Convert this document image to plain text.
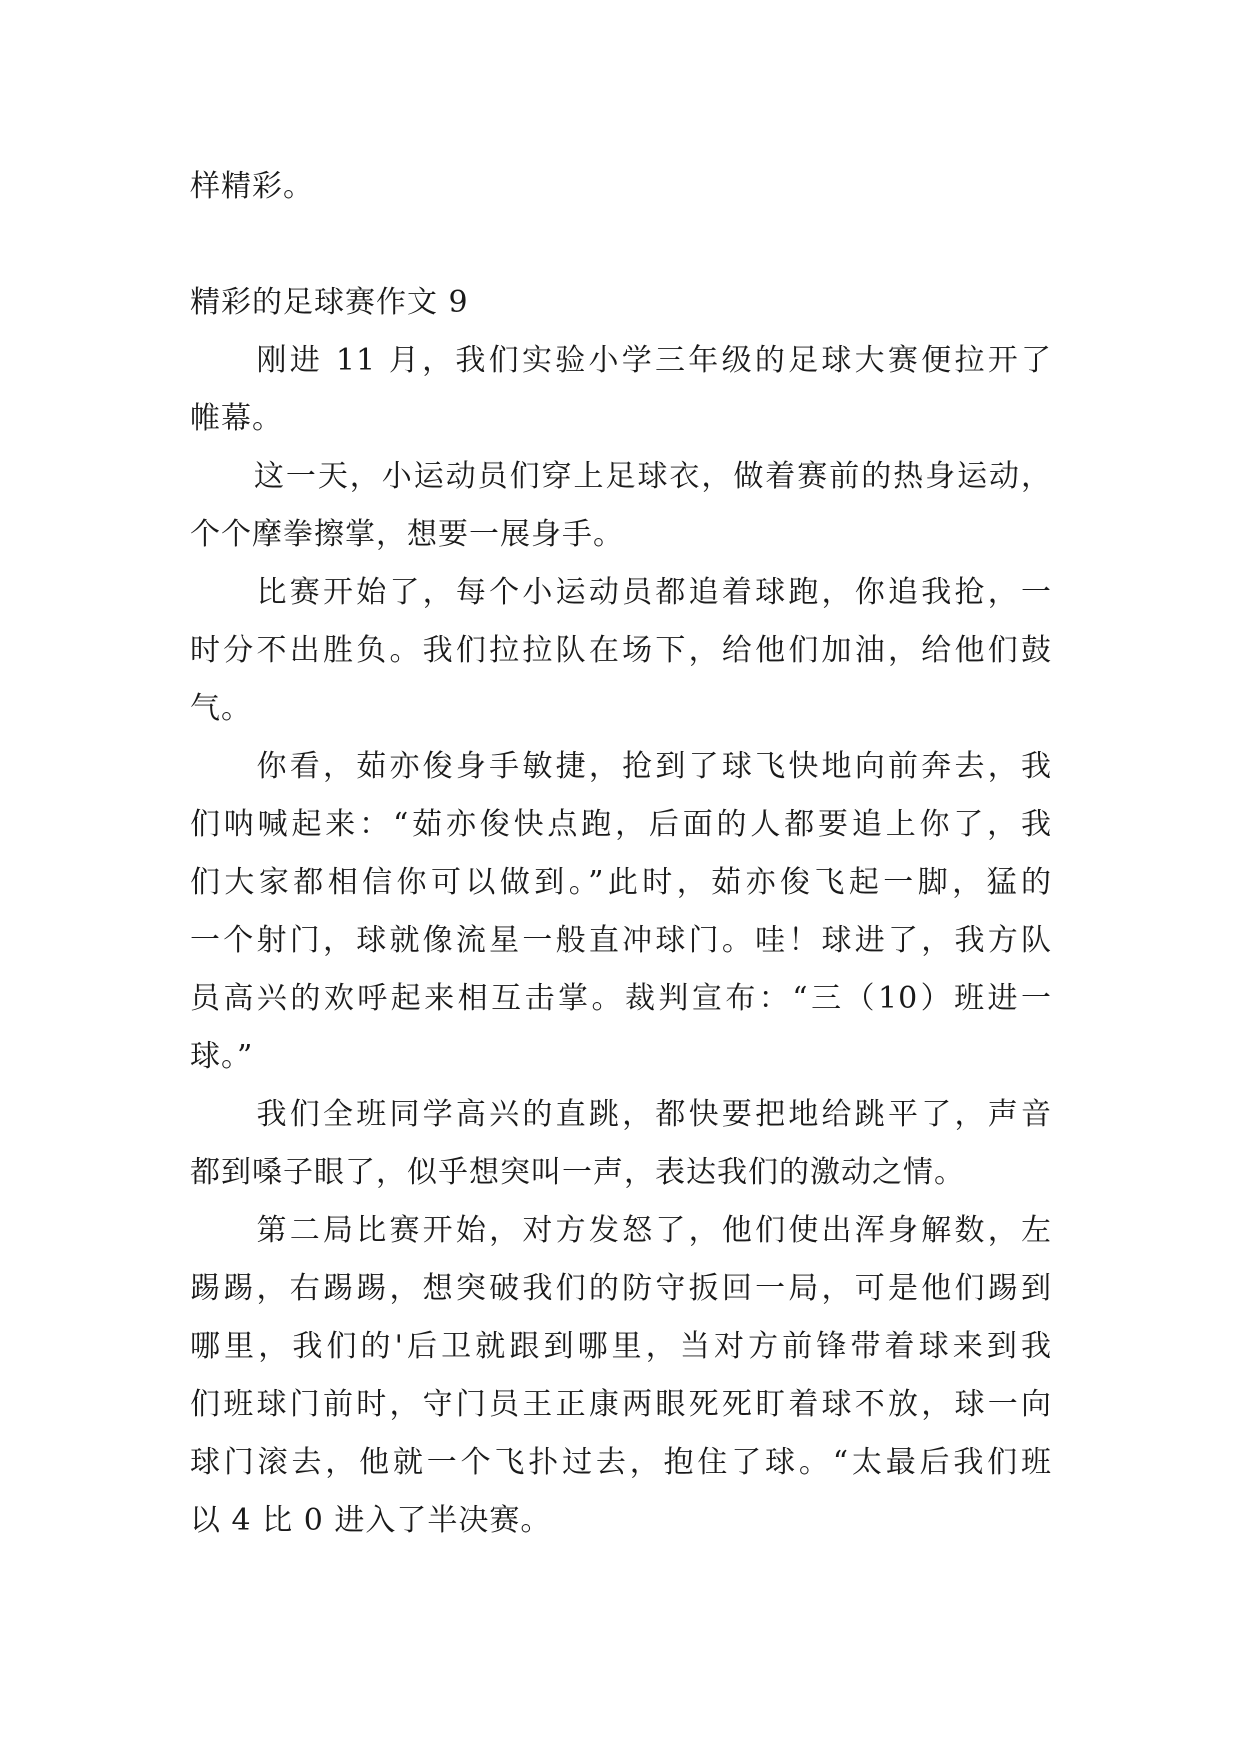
样精彩。

精彩的足球赛作文 9

　　刚进 11 月，我们实验小学三年级的足球大赛便拉开了

帷幕。

　　这一天，小运动员们穿上足球衣，做着赛前的热身运动，

个个摩拳擦掌，想要一展身手。

　　比赛开始了，每个小运动员都追着球跑，你追我抢，一

时分不出胜负。我们拉拉队在场下，给他们加油，给他们鼓

气。

　　你看，茹亦俊身手敏捷，抢到了球飞快地向前奔去，我

们呐喊起来：“茹亦俊快点跑，后面的人都要追上你了，我

们大家都相信你可以做到。”此时，茹亦俊飞起一脚，猛的

一个射门，球就像流星一般直冲球门。哇！球进了，我方队

员高兴的欢呼起来相互击掌。裁判宣布：“三（10）班进一

球。”

　　我们全班同学高兴的直跳，都快要把地给跳平了，声音

都到嗓子眼了，似乎想突叫一声，表达我们的激动之情。

　　第二局比赛开始，对方发怒了，他们使出浑身解数，左

踢踢，右踢踢，想突破我们的防守扳回一局，可是他们踢到

哪里，我们的'后卫就跟到哪里，当对方前锋带着球来到我

们班球门前时，守门员王正康两眼死死盯着球不放，球一向

球门滚去，他就一个飞扑过去，抱住了球。“太最后我们班

以 4 比 0 进入了半决赛。
